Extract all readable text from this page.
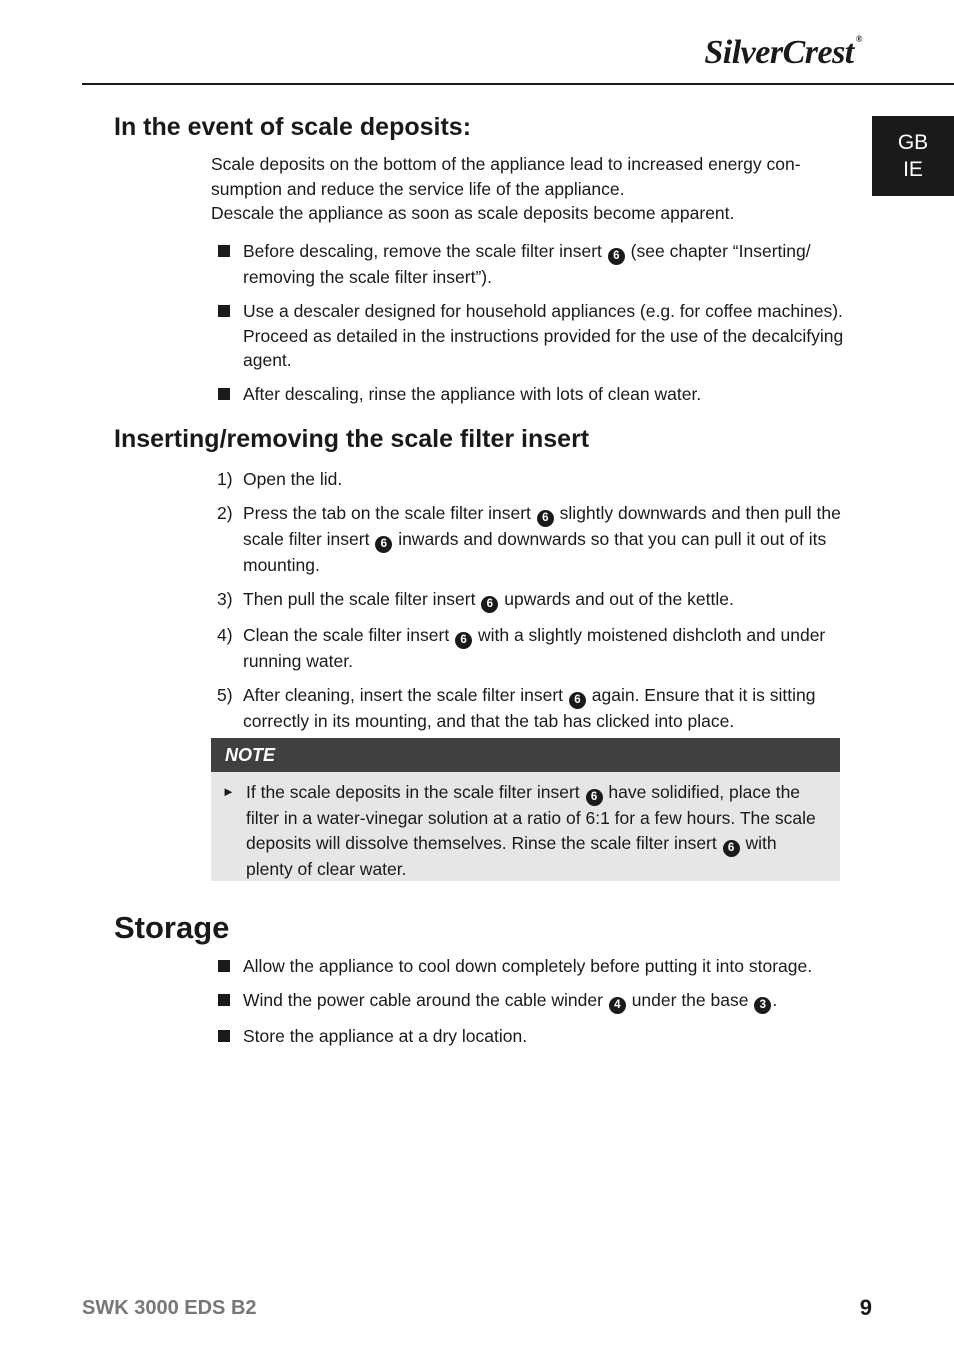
SilverCrest ®
GB
IE
In the event of scale deposits:
Scale deposits on the bottom of the appliance lead to increased energy con-
sumption and reduce the service life of the appliance.
Descale the appliance as soon as scale deposits become apparent.
Before descaling, remove the scale filter insert 6 (see chapter “Inserting/ removing the scale filter insert”).
Use a descaler designed for household appliances (e.g. for coffee machines). Proceed as detailed in the instructions provided for the use of the decalcifying agent.
After descaling, rinse the appliance with lots of clean water.
Inserting/removing the scale filter insert
1) Open the lid.
2) Press the tab on the scale filter insert 6 slightly downwards and then pull the scale filter insert 6 inwards and downwards so that you can pull it out of its mounting.
3) Then pull the scale filter insert 6 upwards and out of the kettle.
4) Clean the scale filter insert 6 with a slightly moistened dishcloth and under running water.
5) After cleaning, insert the scale filter insert 6 again. Ensure that it is sitting correctly in its mounting, and that the tab has clicked into place.
NOTE
► If the scale deposits in the scale filter insert 6 have solidified, place the filter in a water-vinegar solution at a ratio of 6:1 for a few hours. The scale deposits will dissolve themselves. Rinse the scale filter insert 6 with plenty of clear water.
Storage
Allow the appliance to cool down completely before putting it into storage.
Wind the power cable around the cable winder 4 under the base 3 .
Store the appliance at a dry location.
SWK 3000 EDS B2	9
